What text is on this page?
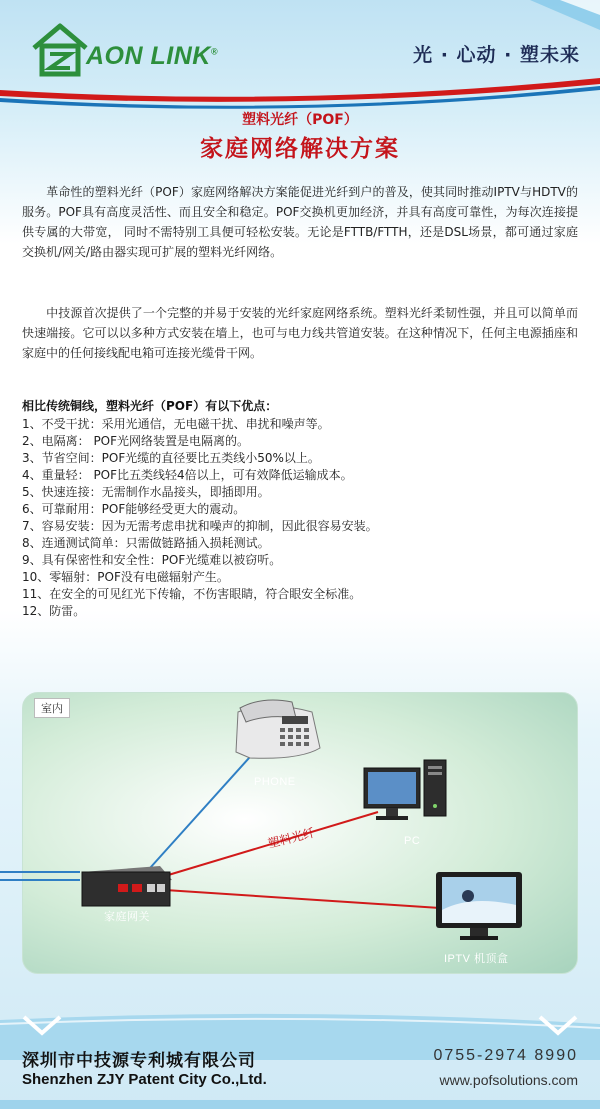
AON LINK®	光 · 心动 · 塑未来
塑料光纤（POF）
家庭网络解决方案

　　革命性的塑料光纤（POF）家庭网络解决方案能促进光纤到户的普及，使其同时推动IPTV与HDTV的服务。POF具有高度灵活性、而且安全和稳定。POF交换机更加经济，并具有高度可靠性，为每次连接提供专属的大带宽， 同时不需特别工具便可轻松安装。无论是FTTB/FTTH，还是DSL场景，都可通过家庭交换机/网关/路由器实现可扩展的塑料光纤网络。

　　中技源首次提供了一个完整的并易于安装的光纤家庭网络系统。塑料光纤柔韧性强，并且可以简单而快速端接。它可以以多种方式安装在墙上，也可与电力线共管道安装。在这种情况下，任何主电源插座和家庭中的任何接线配电箱可连接光缆骨干网。

相比传统铜线，塑料光纤（POF）有以下优点：
1、不受干扰：采用光通信，无电磁干扰、串扰和噪声等。
2、电隔离： POF光网络装置是电隔离的。
3、节省空间：POF光缆的直径要比五类线小50%以上。
4、重量轻： POF比五类线轻4倍以上，可有效降低运输成本。
5、快速连接：无需制作水晶接头，即插即用。
6、可靠耐用：POF能够经受更大的震动。
7、容易安装：因为无需考虑串扰和噪声的抑制，因此很容易安装。
8、连通测试简单：只需做链路插入损耗测试。
9、具有保密性和安全性：POF光缆难以被窃听。
10、零辐射：POF没有电磁辐射产生。
11、在安全的可见红光下传输，不伤害眼睛，符合眼安全标准。
12、防雷。
室内
PHONE
PC
家庭网关
IPTV 机顶盒
塑料光纤
深圳市中技源专利城有限公司
Shenzhen ZJY Patent City Co.,Ltd.
0755-2974 8990
www.pofsolutions.com
